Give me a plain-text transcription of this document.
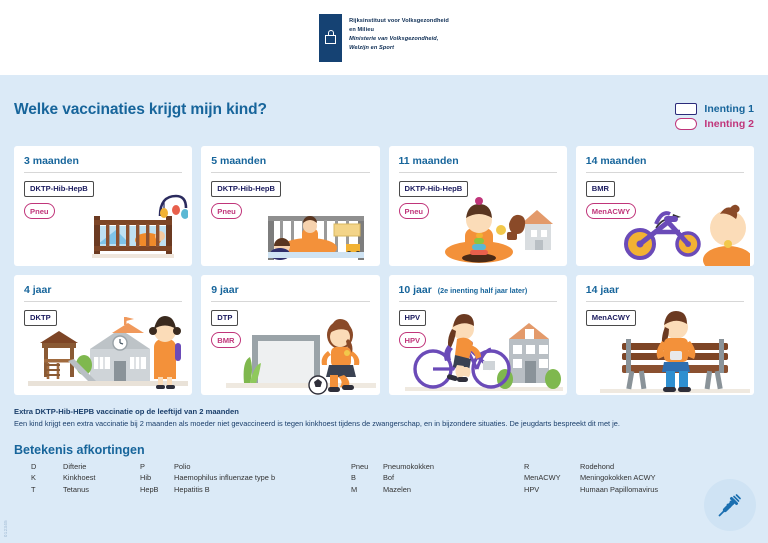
Rijksinstituut voor Volksgezondheid
en Milieu
Ministerie van Volksgezondheid,
Welzijn en Sport
Welke vaccinaties krijgt mijn kind?	Inenting 1
Inenting 2
3 maanden
DKTP-Hib-HepB
Pneu

5 maanden
DKTP-Hib-HepB
Pneu

11 maanden
DKTP-Hib-HepB
Pneu

14 maanden
BMR
MenACWY

4 jaar
DKTP

9 jaar
DTP
BMR

10 jaar (2e inenting half jaar later)
HPV
HPV

14 jaar
MenACWY

Extra DKTP-Hib-HEPB vaccinatie op de leeftijd van 2 maanden
Een kind krijgt een extra vaccinatie bij 2 maanden als moeder niet gevaccineerd is tegen kinkhoest tijdens de zwangerschap, en in bijzondere situaties. De jeugdarts bespreekt dit met je.
Betekenis afkortingen
D	Difterie
K	Kinkhoest
T	Tetanus
P	Polio
Hib	Haemophilus influenzae type b
HepB	Hepatitis B
Pneu	Pneumokokken
B	Bof
M	Mazelen
R	Rodehond
MenACWY	Meningokokken ACWY
HPV	Humaan Papillomavirus
012345
